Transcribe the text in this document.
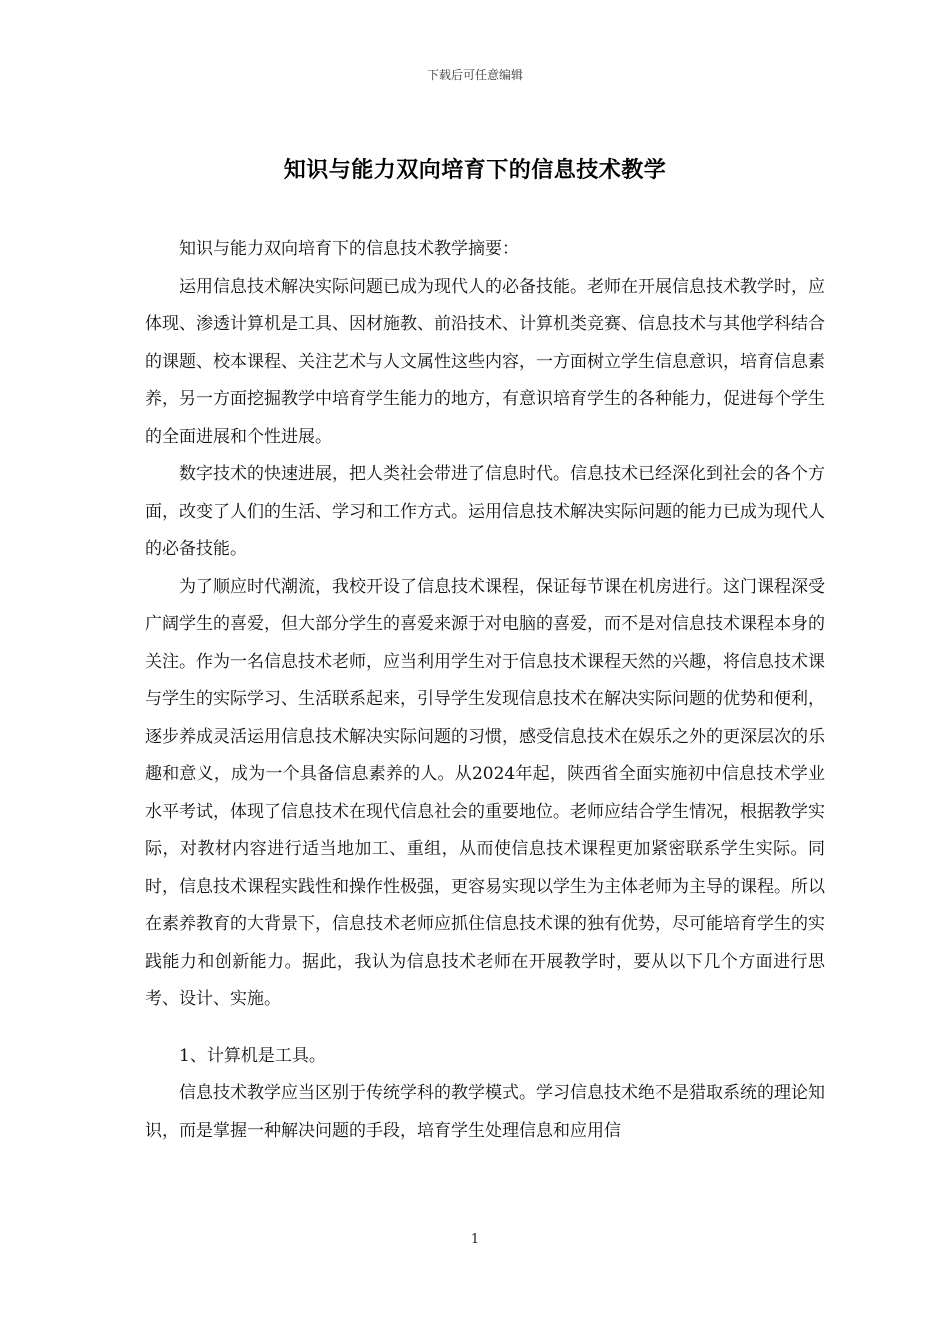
下载后可任意编辑
知识与能力双向培育下的信息技术教学

知识与能力双向培育下的信息技术教学摘要：

运用信息技术解决实际问题已成为现代人的必备技能。老师在开展信息技术教学时，应体现、渗透计算机是工具、因材施教、前沿技术、计算机类竞赛、信息技术与其他学科结合的课题、校本课程、关注艺术与人文属性这些内容，一方面树立学生信息意识，培育信息素养，另一方面挖掘教学中培育学生能力的地方，有意识培育学生的各种能力，促进每个学生的全面进展和个性进展。

数字技术的快速进展，把人类社会带进了信息时代。信息技术已经深化到社会的各个方面，改变了人们的生活、学习和工作方式。运用信息技术解决实际问题的能力已成为现代人的必备技能。

为了顺应时代潮流，我校开设了信息技术课程，保证每节课在机房进行。这门课程深受广阔学生的喜爱，但大部分学生的喜爱来源于对电脑的喜爱，而不是对信息技术课程本身的关注。作为一名信息技术老师，应当利用学生对于信息技术课程天然的兴趣，将信息技术课与学生的实际学习、生活联系起来，引导学生发现信息技术在解决实际问题的优势和便利，逐步养成灵活运用信息技术解决实际问题的习惯，感受信息技术在娱乐之外的更深层次的乐趣和意义，成为一个具备信息素养的人。从2024年起，陕西省全面实施初中信息技术学业水平考试，体现了信息技术在现代信息社会的重要地位。老师应结合学生情况，根据教学实际，对教材内容进行适当地加工、重组，从而使信息技术课程更加紧密联系学生实际。同时，信息技术课程实践性和操作性极强，更容易实现以学生为主体老师为主导的课程。所以在素养教育的大背景下，信息技术老师应抓住信息技术课的独有优势，尽可能培育学生的实践能力和创新能力。据此，我认为信息技术老师在开展教学时，要从以下几个方面进行思考、设计、实施。

1、计算机是工具。

信息技术教学应当区别于传统学科的教学模式。学习信息技术绝不是猎取系统的理论知识，而是掌握一种解决问题的手段，培育学生处理信息和应用信

1
